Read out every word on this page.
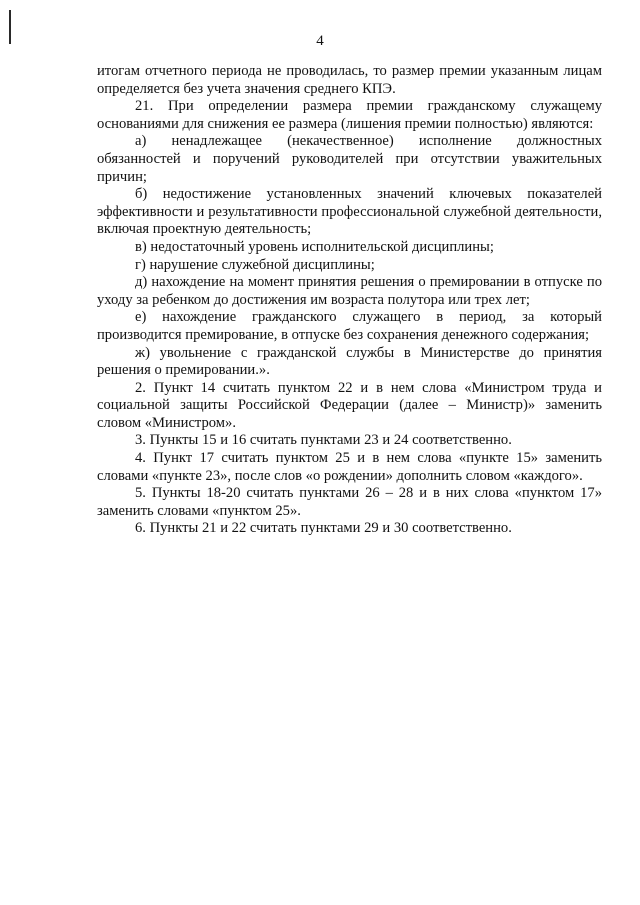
4

итогам отчетного периода не проводилась, то размер премии указанным лицам определяется без учета значения среднего КПЭ.

21. При определении размера премии гражданскому служащему основаниями для снижения ее размера (лишения премии полностью) являются:

а) ненадлежащее (некачественное) исполнение должностных обязанностей и поручений руководителей при отсутствии уважительных причин;

б) недостижение установленных значений ключевых показателей эффективности и результативности профессиональной служебной деятельности, включая проектную деятельность;

в) недостаточный уровень исполнительской дисциплины;

г) нарушение служебной дисциплины;

д) нахождение на момент принятия решения о премировании в отпуске по уходу за ребенком до достижения им возраста полутора или трех лет;

е) нахождение гражданского служащего в период, за который производится премирование, в отпуске без сохранения денежного содержания;

ж) увольнение с гражданской службы в Министерстве до принятия решения о премировании.».

2. Пункт 14 считать пунктом 22 и в нем слова «Министром труда и социальной защиты Российской Федерации (далее – Министр)» заменить словом «Министром».

3. Пункты 15 и 16 считать пунктами 23 и 24 соответственно.

4. Пункт 17 считать пунктом 25 и в нем слова «пункте 15» заменить словами «пункте 23», после слов «о рождении» дополнить словом «каждого».

5. Пункты 18-20 считать пунктами 26 – 28 и в них слова «пунктом 17» заменить словами «пунктом 25».

6. Пункты 21 и 22 считать пунктами 29 и 30 соответственно.
